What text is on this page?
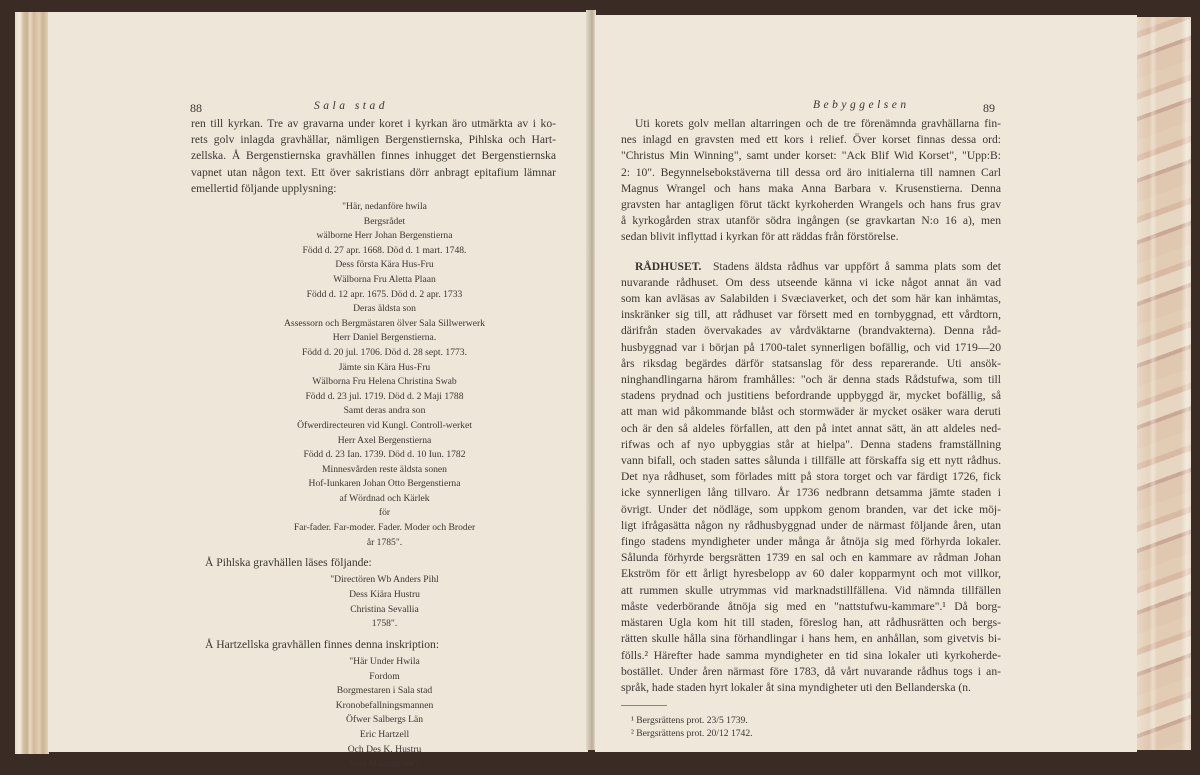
88	Sala stad
ren till kyrkan. Tre av gravarna under koret i kyrkan äro utmärkta av i ko-
rets golv inlagda gravhällar, nämligen Bergenstiernska, Pihlska och Hart-
zellska. Å Bergenstiernska gravhällen finnes inhugget det Bergenstiernska
vapnet utan någon text. Ett över sakristians dörr anbragt epitafium lämnar
emellertid följande upplysning:
"Här, nedanföre hwila
Bergsrådet
wälborne Herr Johan Bergenstierna
Född d. 27 apr. 1668. Död d. 1 mart. 1748.
Dess första Kära Hus-Fru
Wälborna Fru Aletta Plaan
Född d. 12 apr. 1675. Död d. 2 apr. 1733
Deras äldsta son
Assessorn och Bergmästaren ölver Sala Sillwerwerk
Herr Daniel Bergenstierna.
Född d. 20 jul. 1706. Död d. 28 sept. 1773.
Jämte sin Kära Hus-Fru
Wälborna Fru Helena Christina Swab
Född d. 23 jul. 1719. Död d. 2 Maji 1788
Samt deras andra son
Öfwerdirecteuren vid Kungl. Controll-werket
Herr Axel Bergenstierna
Född d. 23 Ian. 1739. Död d. 10 Iun. 1782
Minnesvården reste äldsta sonen
Hof-Iunkaren Johan Otto Bergenstierna
af Wördnad och Kärlek
för
Far-fader. Far-moder. Fader. Moder och Broder
år 1785".
Å Pihlska gravhällen läses följande:
"Directören Wb Anders Pihl
Dess Kiära Hustru
Christina Sevallia
1758".
Å Hartzellska gravhällen finnes denna inskription:
"Här Under Hwila
Fordom
Borgmestaren i Sala stad
Kronobefallningsmannen
Öfwer Salbergs Län
Eric Hartzell
Och Des K. Hustru
Sara Malmström".
Bebyggelsen	89
Uti korets golv mellan altarringen och de tre förenämnda gravhällarna fin-
nes inlagd en gravsten med ett kors i relief. Över korset finnas dessa ord:
"Christus Min Winning", samt under korset: "Ack Blif Wid Korset", "Upp:B:
2: 10". Begynnelsebokstäverna till dessa ord äro initialerna till namnen Carl
Magnus Wrangel och hans maka Anna Barbara v. Krusenstierna. Denna
gravsten har antagligen förut täckt kyrkoherden Wrangels och hans frus grav
å kyrkogården strax utanför södra ingången (se gravkartan N:o 16 a), men
sedan blivit inflyttad i kyrkan för att räddas från förstörelse.
RÅDHUSET. Stadens äldsta rådhus var uppfört å samma plats som det
nuvarande rådhuset. Om dess utseende känna vi icke något annat än vad
som kan avläsas av Salabilden i Svæciaverket, och det som här kan inhämtas,
inskränker sig till, att rådhuset var försett med en tornbyggnad, ett vårdtorn,
därifrån staden övervakades av vårdväktarne (brandvakterna). Denna råd-
husbyggnad var i början på 1700-talet synnerligen bofällig, och vid 1719—20
års riksdag begärdes därför statsanslag för dess reparerande. Uti ansök-
ninghandlingarna härom framhålles: "och är denna stads Rådstufwa, som till
stadens prydnad och justitiens befordrande uppbyggd är, mycket bofällig, så
att man wid påkommande blåst och stormwäder är mycket osäker wara deruti
och är den så aldeles förfallen, att den på intet annat sätt, än att aldeles ned-
rifwas och af nyo upbyggias står at hielpa". Denna stadens framställning
vann bifall, och staden sattes sålunda i tillfälle att förskaffa sig ett nytt rådhus.
Det nya rådhuset, som förlades mitt på stora torget och var färdigt 1726, fick
icke synnerligen lång tillvaro. År 1736 nedbrann detsamma jämte staden i
övrigt. Under det nödläge, som uppkom genom branden, var det icke möj-
ligt ifrågasätta någon ny rådhusbyggnad under de närmast följande åren, utan
fingo stadens myndigheter under många år åtnöja sig med förhyrda lokaler.
Sålunda förhyrde bergsrätten 1739 en sal och en kammare av rådman Johan
Ekström för ett årligt hyresbelopp av 60 daler kopparmynt och mot villkor,
att rummen skulle utrymmas vid marknadstillfällena. Vid nämnda tillfällen
måste vederbörande åtnöja sig med en "nattstufwu-kammare".¹ Då borg-
mästaren Ugla kom hit till staden, föreslog han, att rådhusrätten och bergs-
rätten skulle hålla sina förhandlingar i hans hem, en anhållan, som givetvis bi-
fölls.² Härefter hade samma myndigheter en tid sina lokaler uti kyrkoherde-
bostället. Under åren närmast före 1783, då vårt nuvarande rådhus togs i an-
språk, hade staden hyrt lokaler åt sina myndigheter uti den Bellanderska (n.
¹ Bergsrättens prot. 23/5 1739.
² Bergsrättens prot. 20/12 1742.
